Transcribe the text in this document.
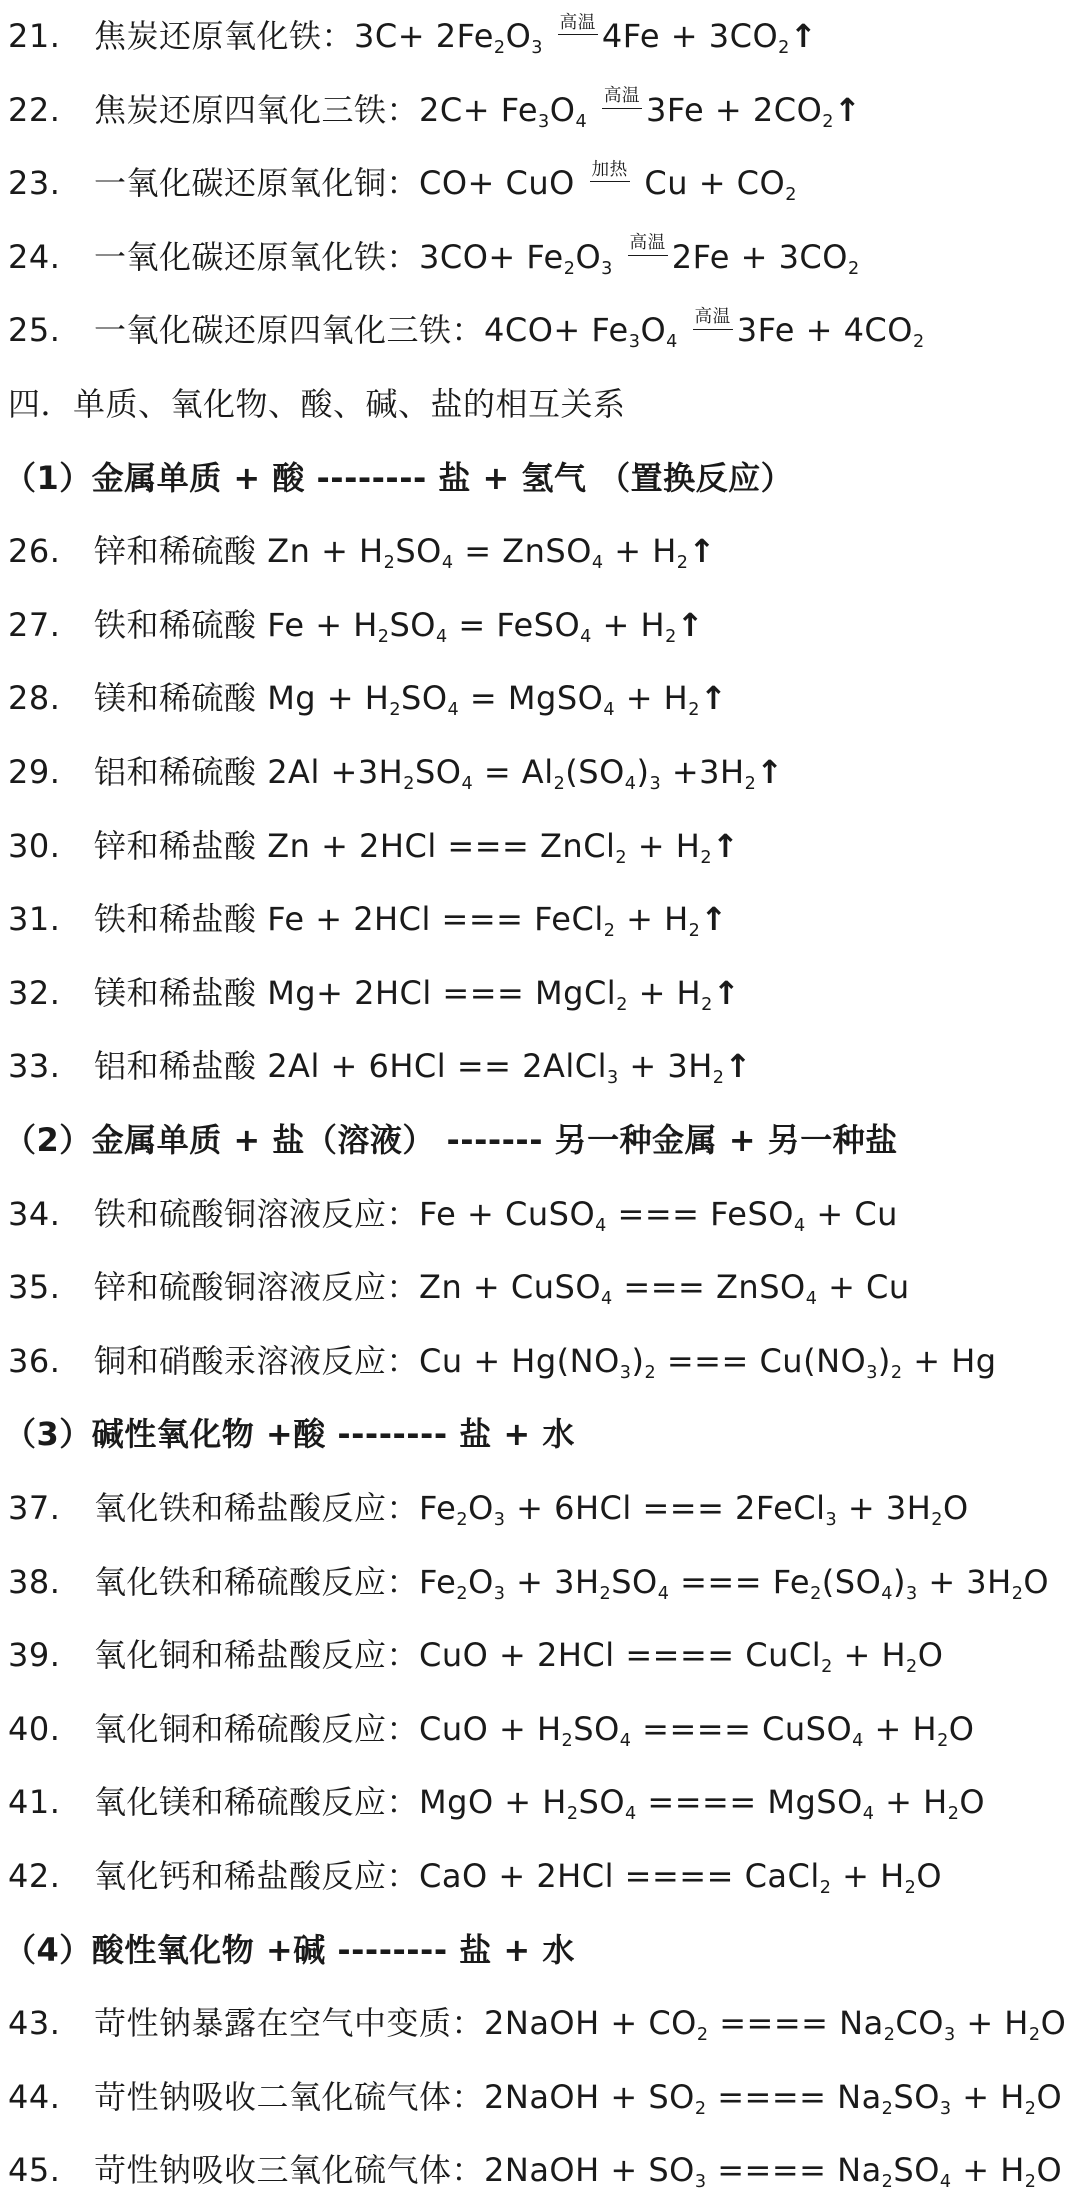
21. 焦炭还原氧化铁：$3C+ 2Fe_2O_3$ 高温 $4Fe + 3CO_2↑$
22. 焦炭还原四氧化三铁：$2C+ Fe_3O_4$ 高温 $3Fe + 2CO_2↑$
23. 一氧化碳还原氧化铜：CO+ CuO 加热 $Cu + CO_2$
24. 一氧化碳还原氧化铁：$3CO+ Fe_2O_3$ 高温 $2Fe + 3CO_2$
25. 一氧化碳还原四氧化三铁：$4CO+ Fe_3O_4$ 高温 $3Fe + 4CO_2$
四．单质、氧化物、酸、碱、盐的相互关系
（1）金属单质 + 酸 -------- 盐 + 氢气 （置换反应）
26. 锌和稀硫酸 $Zn + H_2SO_4$ = ZnSO$_4$ + $H_2↑$
27. 铁和稀硫酸 $Fe + H_2SO_4$ = FeSO$_4$ + $H_2↑$
28. 镁和稀硫酸 $Mg + H_2SO_4$ = MgSO$_4$ + $H_2↑$
29. 铝和稀硫酸 $2Al +3H_2SO_4 = Al_2(SO_4)_3$ $+3H_2↑$
30. 锌和稀盐酸 Zn + 2HCl === ZnCl$_2$ + $H_2↑$
31. 铁和稀盐酸 Fe + 2HCl === FeCl$_2$ + $H_2↑$
32. 镁和稀盐酸 Mg+ 2HCl === MgCl$_2$ + $H_2↑$
33. 铝和稀盐酸 2Al + 6HCl == 2AlCl$_3$ + $3H_2↑$
（2）金属单质 + 盐（溶液） ------- 另一种金属 + 另一种盐
34. 铁和硫酸铜溶液反应：Fe + CuSO$_4$ === FeSO$_4$ + Cu
35. 锌和硫酸铜溶液反应：Zn + CuSO$_4$ === ZnSO$_4$ + Cu
36. 铜和硝酸汞溶液反应：$Cu + Hg(NO_3)_2$ === $Cu(NO_3)_2 + Hg$
（3）碱性氧化物 +酸 -------- 盐 + 水
37. 氧化铁和稀盐酸反应：$Fe_2O_3 + 6HCl$ === 2FeCl$_3$ + $3H_2O$
38. 氧化铁和稀硫酸反应：$Fe_2O_3 + 3H_2SO_4$ === $Fe_2(SO_4)_3 + 3H_2O$
39. 氧化铜和稀盐酸反应：CuO + 2HCl ==== CuCl$_2$ + $H_2O$
40. 氧化铜和稀硫酸反应：CuO + $H_2SO_4$ ==== CuSO$_4$ + $H_2O$
41. 氧化镁和稀硫酸反应：MgO + $H_2SO_4$ ==== MgSO$_4$ + $H_2O$
42. 氧化钙和稀盐酸反应：CaO + 2HCl ==== CaCl$_2$ + $H_2O$
（4）酸性氧化物 +碱 -------- 盐 + 水
43. 苛性钠暴露在空气中变质：2NaOH + $CO_2$ ==== $Na_2CO_3 + H_2O$
44. 苛性钠吸收二氧化硫气体：2NaOH + $SO_2$ ==== $Na_2SO_3 + H_2O$
45. 苛性钠吸收三氧化硫气体：2NaOH + $SO_3$ ==== $Na_2SO_4 + H_2O$
